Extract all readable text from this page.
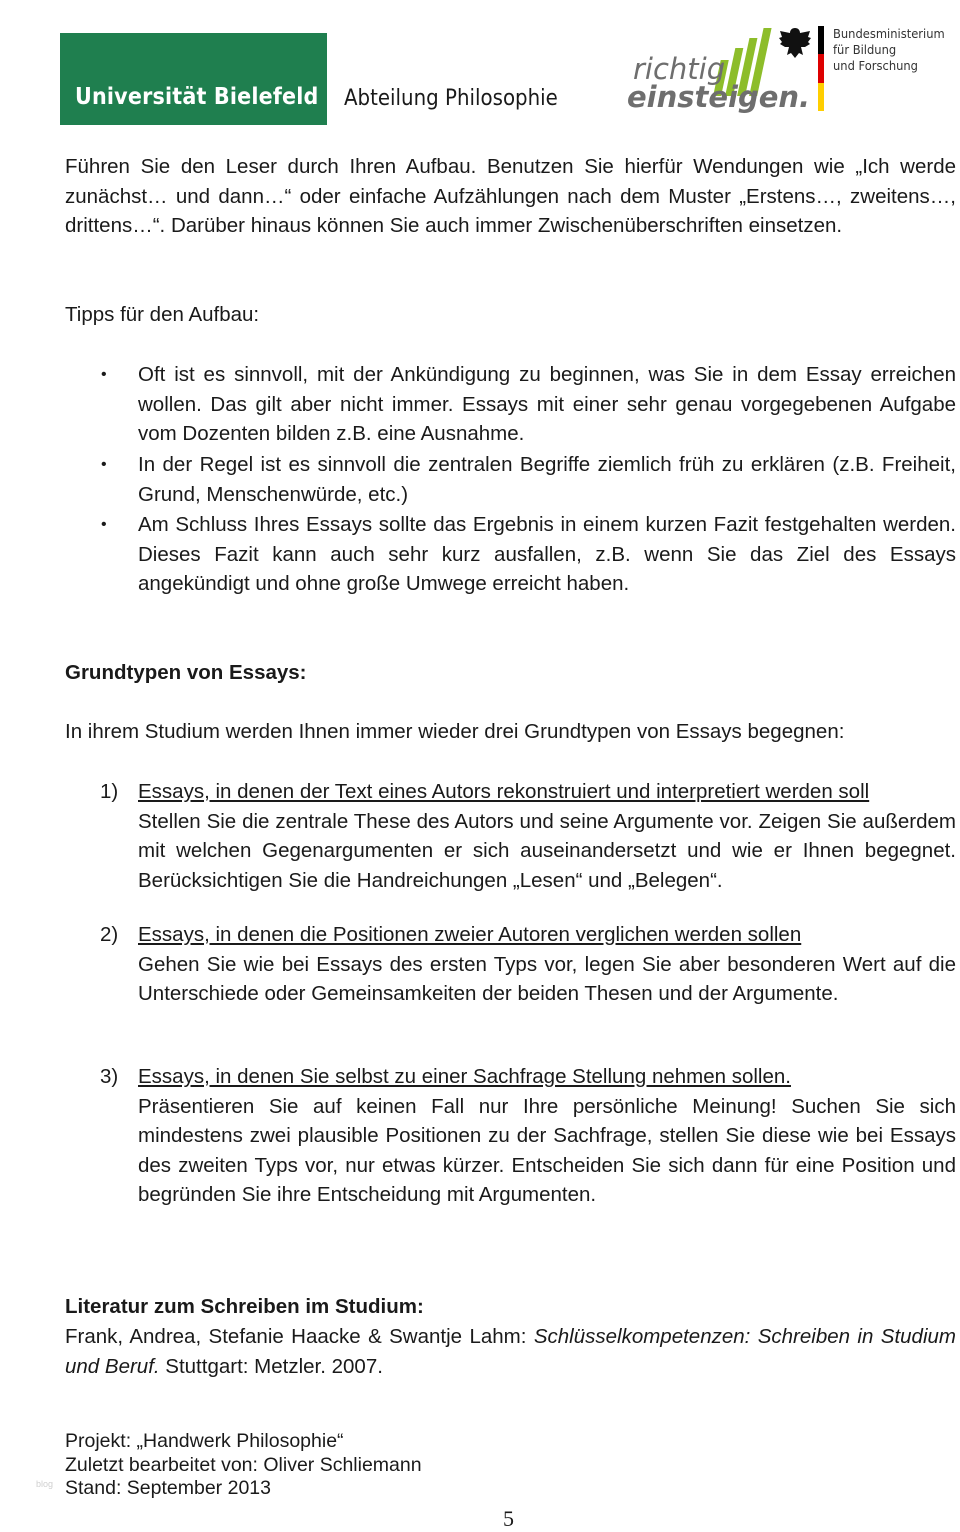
Universität Bielefeld Abteilung Philosophie
richtig
einsteigen.
Bundesministerium
für Bildung
und Forschung

Führen Sie den Leser durch Ihren Aufbau. Benutzen Sie hierfür Wendungen wie „Ich werde zunächst… und dann…“ oder einfache Aufzählungen nach dem Muster „Erstens…, zweitens…, drittens…“. Darüber hinaus können Sie auch immer Zwischenüberschriften einsetzen.

Tipps für den Aufbau:

• Oft ist es sinnvoll, mit der Ankündigung zu beginnen, was Sie in dem Essay erreichen wollen. Das gilt aber nicht immer. Essays mit einer sehr genau vorgegebenen Aufgabe vom Dozenten bilden z.B. eine Ausnahme.
• In der Regel ist es sinnvoll die zentralen Begriffe ziemlich früh zu erklären (z.B. Freiheit, Grund, Menschenwürde, etc.)
• Am Schluss Ihres Essays sollte das Ergebnis in einem kurzen Fazit festgehalten werden. Dieses Fazit kann auch sehr kurz ausfallen, z.B. wenn Sie das Ziel des Essays angekündigt und ohne große Umwege erreicht haben.

Grundtypen von Essays:

In ihrem Studium werden Ihnen immer wieder drei Grundtypen von Essays begegnen:

1) Essays, in denen der Text eines Autors rekonstruiert und interpretiert werden soll
Stellen Sie die zentrale These des Autors und seine Argumente vor. Zeigen Sie außerdem mit welchen Gegenargumenten er sich auseinandersetzt und wie er Ihnen begegnet. Berücksichtigen Sie die Handreichungen „Lesen“ und „Belegen“.
2) Essays, in denen die Positionen zweier Autoren verglichen werden sollen
Gehen Sie wie bei Essays des ersten Typs vor, legen Sie aber besonderen Wert auf die Unterschiede oder Gemeinsamkeiten der beiden Thesen und der Argumente.
3) Essays, in denen Sie selbst zu einer Sachfrage Stellung nehmen sollen.
Präsentieren Sie auf keinen Fall nur Ihre persönliche Meinung! Suchen Sie sich mindestens zwei plausible Positionen zu der Sachfrage, stellen Sie diese wie bei Essays des zweiten Typs vor, nur etwas kürzer. Entscheiden Sie sich dann für eine Position und begründen Sie ihre Entscheidung mit Argumenten.

Literatur zum Schreiben im Studium:

Frank, Andrea, Stefanie Haacke & Swantje Lahm: Schlüsselkompetenzen: Schreiben in Studium und Beruf. Stuttgart: Metzler. 2007.

Projekt: „Handwerk Philosophie“
Zuletzt bearbeitet von: Oliver Schliemann
Stand: September 2013
blog
5
